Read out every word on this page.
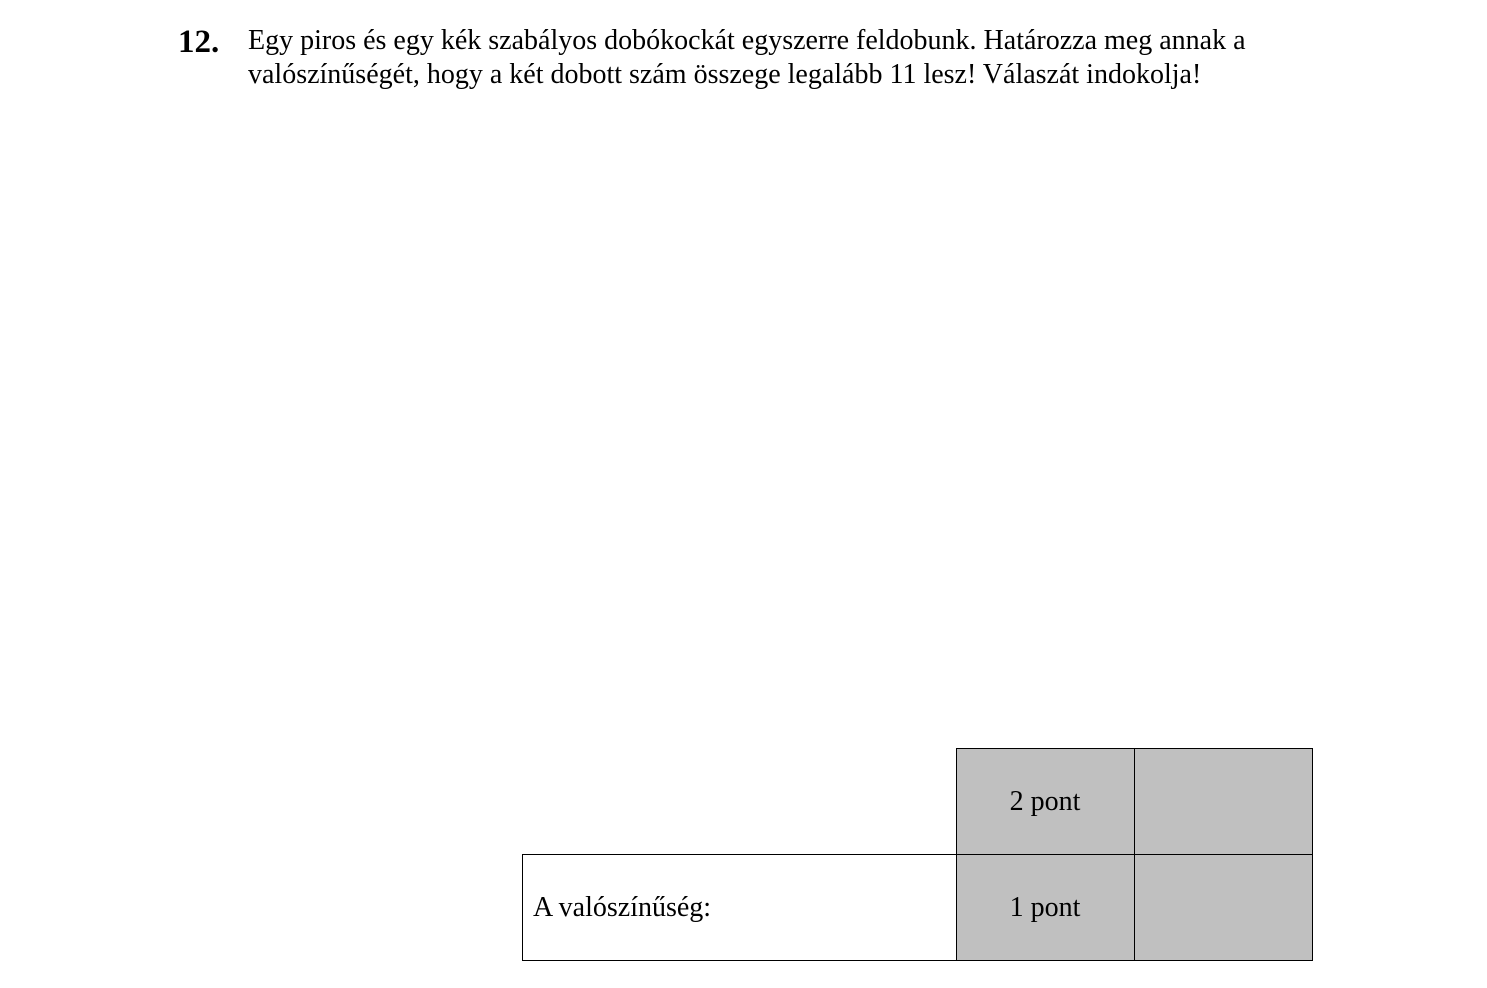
12. Egy piros és egy kék szabályos dobókockát egyszerre feldobunk. Határozza meg annak a
valószínűségét, hogy a két dobott szám összege legalább 11 lesz! Válaszát indokolja!
	2 pont	
A valószínűség:	1 pont	
